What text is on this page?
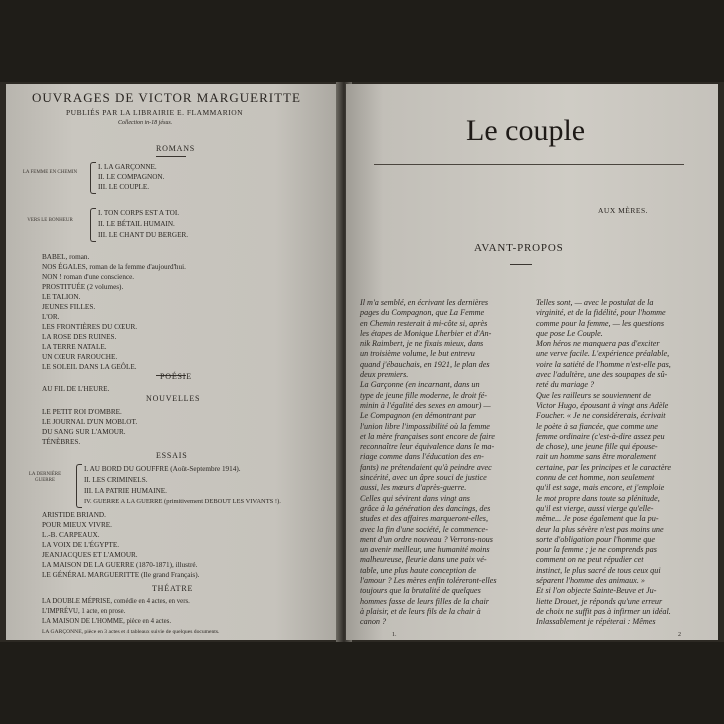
OUVRAGES DE VICTOR MARGUERITTE
PUBLIÉS PAR LA LIBRAIRIE E. FLAMMARION
Collection in-18 jésus.
ROMANS
LA FEMME EN CHEMIN
I. LA GARÇONNE.
II. LE COMPAGNON.
III. LE COUPLE.
VERS LE BONHEUR
I. TON CORPS EST A TOI.
II. LE BÉTAIL HUMAIN.
III. LE CHANT DU BERGER.
BABEL, roman.
NOS ÉGALES, roman de la femme d'aujourd'hui.
NON ! roman d'une conscience.
PROSTITUÉE (2 volumes).
LE TALION.
JEUNES FILLES.
L'OR.
LES FRONTIÈRES DU CŒUR.
LA ROSE DES RUINES.
LA TERRE NATALE.
UN CŒUR FAROUCHE.
LE SOLEIL DANS LA GEÔLE.
POÉSIE
AU FIL DE L'HEURE.
NOUVELLES
LE PETIT ROI D'OMBRE.
LE JOURNAL D'UN MOBLOT.
DU SANG SUR L'AMOUR.
TÉNÈBRES.
ESSAIS
LA DERNIÈRE GUERRE
I. AU BORD DU GOUFFRE (Août-Septembre 1914).
II. LES CRIMINELS.
III. LA PATRIE HUMAINE.
IV. GUERRE A LA GUERRE (primitivement DEBOUT LES VIVANTS !).
ARISTIDE BRIAND.
POUR MIEUX VIVRE.
L.-B. CARPEAUX.
LA VOIX DE L'ÉGYPTE.
JEANJACQUES ET L'AMOUR.
LA MAISON DE LA GUERRE (1870-1871), illustré.
LE GÉNÉRAL MARGUERITTE (Ile grand Français).
THÉATRE
LA DOUBLE MÉPRISE, comédie en 4 actes, en vers.
L'IMPRÉVU, 1 acte, en prose.
LA MAISON DE L'HOMME, pièce en 4 actes.
LA GARÇONNE, pièce en 3 actes et 4 tableaux suivie de quelques documents.
Le couple
AUX MÈRES.
AVANT-PROPOS
Il m'a semblé, en écrivant les dernières
pages du Compagnon, que La Femme
en Chemin resterait à mi-côte si, après
les étapes de Monique Lherbier et d'An-
nik Raimbert, je ne fixais mieux, dans
un troisième volume, le but entrevu
quand j'ébauchais, en 1921, le plan des
deux premiers.
La Garçonne (en incarnant, dans un
type de jeune fille moderne, le droit fé-
minin à l'égalité des sexes en amour) —
Le Compagnon (en démontrant par
l'union libre l'impossibilité où la femme
et la mère françaises sont encore de faire
reconnaître leur équivalence dans le ma-
riage comme dans l'éducation des en-
fants) ne prétendaient qu'à peindre avec
sincérité, avec un âpre souci de justice
aussi, les mœurs d'après-guerre.
Celles qui sévirent dans vingt ans
grâce à la génération des dancings, des
studes et des affaires marqueront-elles,
avec la fin d'une société, le commence-
ment d'un ordre nouveau ? Verrons-nous
un avenir meilleur, une humanité moins
malheureuse, fleurie dans une paix vé-
table, une plus haute conception de
l'amour ? Les mères enfin toléreront-elles
toujours que la brutalité de quelques
hommes fasse de leurs filles de la chair
à plaisir, et de leurs fils de la chair à
canon ?
Telles sont, — avec le postulat de la
virginité, et de la fidélité, pour l'homme
comme pour la femme, — les questions
que pose Le Couple.
Mon héros ne manquera pas d'exciter
une verve facile. L'expérience préalable,
voire la satiété de l'homme n'est-elle pas,
avec l'adultère, une des soupapes de sû-
reté du mariage ?
Que les railleurs se souviennent de
Victor Hugo, épousant à vingt ans Adèle
Foucher. « Je ne considérerais, écrivait
le poète à sa fiancée, que comme une
femme ordinaire (c'est-à-dire assez peu
de chose), une jeune fille qui épouse-
rait un homme sans être moralement
certaine, par les principes et le caractère
connu de cet homme, non seulement
qu'il est sage, mais encore, et j'emploie
le mot propre dans toute sa plénitude,
qu'il est vierge, aussi vierge qu'elle-
même... Je pose également que la pu-
deur la plus sévère n'est pas moins une
sorte d'obligation pour l'homme que
pour la femme ; je ne comprends pas
comment on ne peut répudier cet
instinct, le plus sacré de tous ceux qui
séparent l'homme des animaux. »
Et si l'on objecte Sainte-Beuve et Ju-
liette Drouet, je réponds qu'une erreur
de choix ne suffit pas à infirmer un idéal.
Inlassablement je répéterai : Mêmes
1.	2
